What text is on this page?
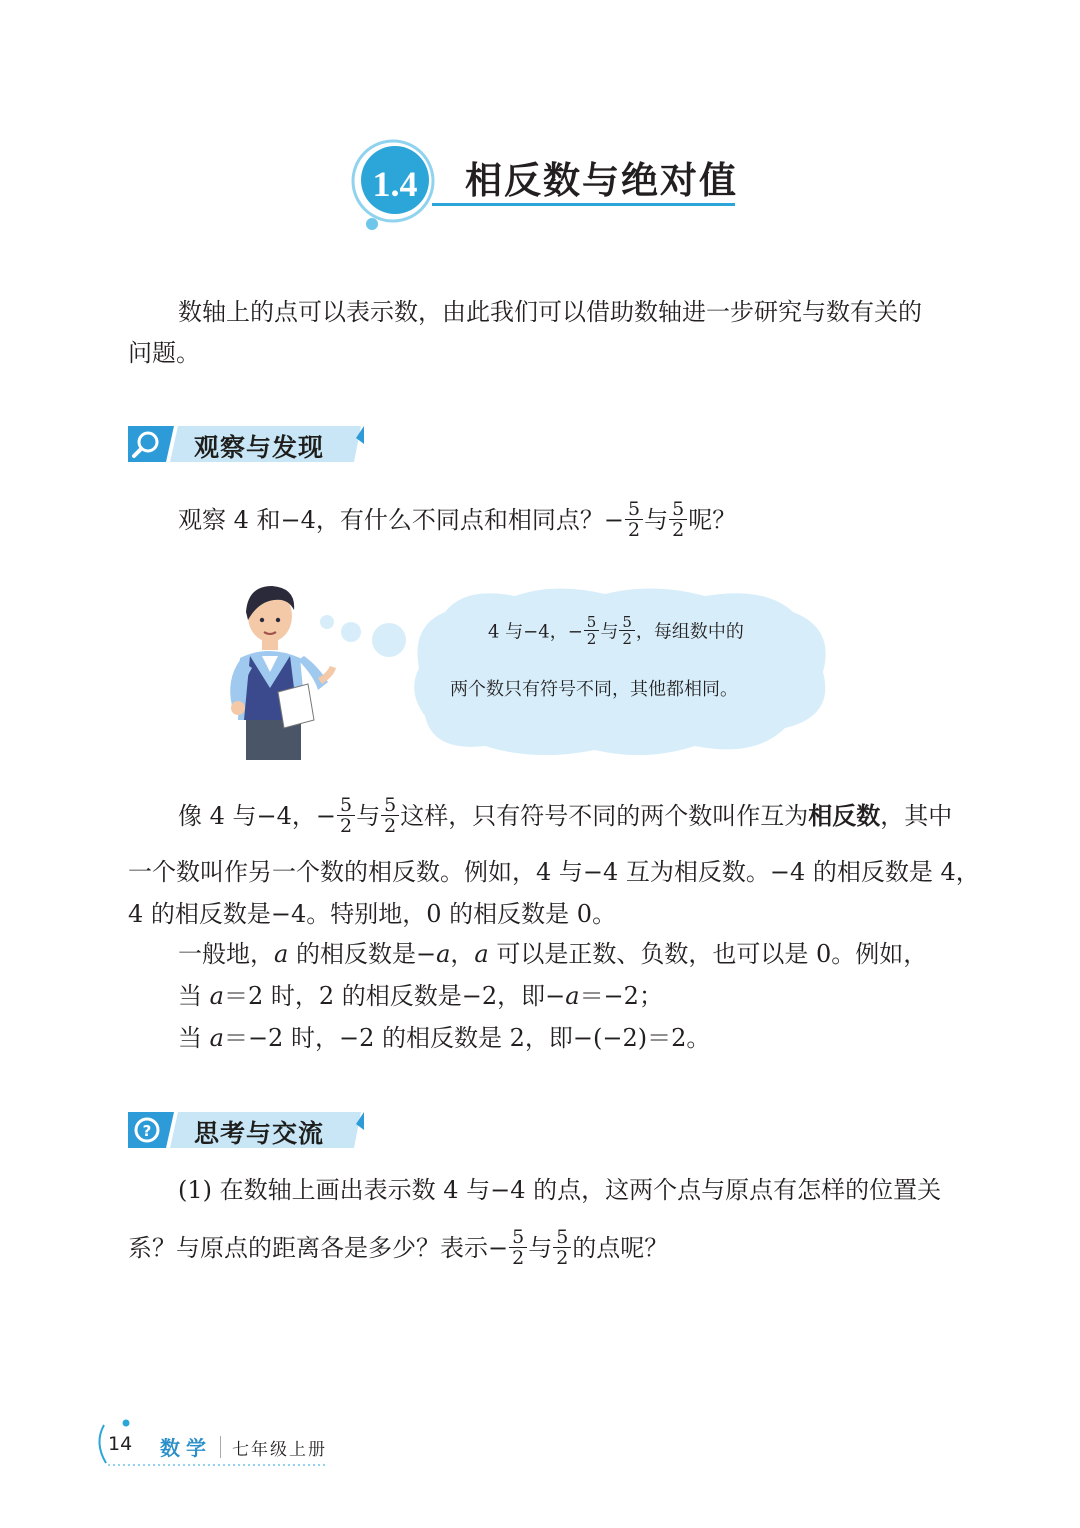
1.4	相反数与绝对值
数轴上的点可以表示数，由此我们可以借助数轴进一步研究与数有关的
问题。
观察与发现
观察 4 和−4，有什么不同点和相同点？− $\frac{5}{2}$ 与 $\frac{5}{2}$ 呢？
4 与−4，− $\frac{5}{2}$ 与 $\frac{5}{2}$ ，每组数中的
两个数只有符号不同，其他都相同。
像 4 与−4，− $\frac{5}{2}$ 与 $\frac{5}{2}$ 这样，只有符号不同的两个数叫作互为相反数，其中
一个数叫作另一个数的相反数。例如，4 与−4 互为相反数。−4 的相反数是 4，
4 的相反数是−4。特别地，0 的相反数是 0。
一般地，a 的相反数是−a，a 可以是正数、负数，也可以是 0。例如，
当 a＝2 时，2 的相反数是−2，即−a＝−2；
当 a＝−2 时，−2 的相反数是 2，即−(−2)＝2。
? 思考与交流
(1) 在数轴上画出表示数 4 与−4 的点，这两个点与原点有怎样的位置关
系？与原点的距离各是多少？表示− $\frac{5}{2}$ 与 $\frac{5}{2}$ 的点呢？
14 数学 七年级上册
